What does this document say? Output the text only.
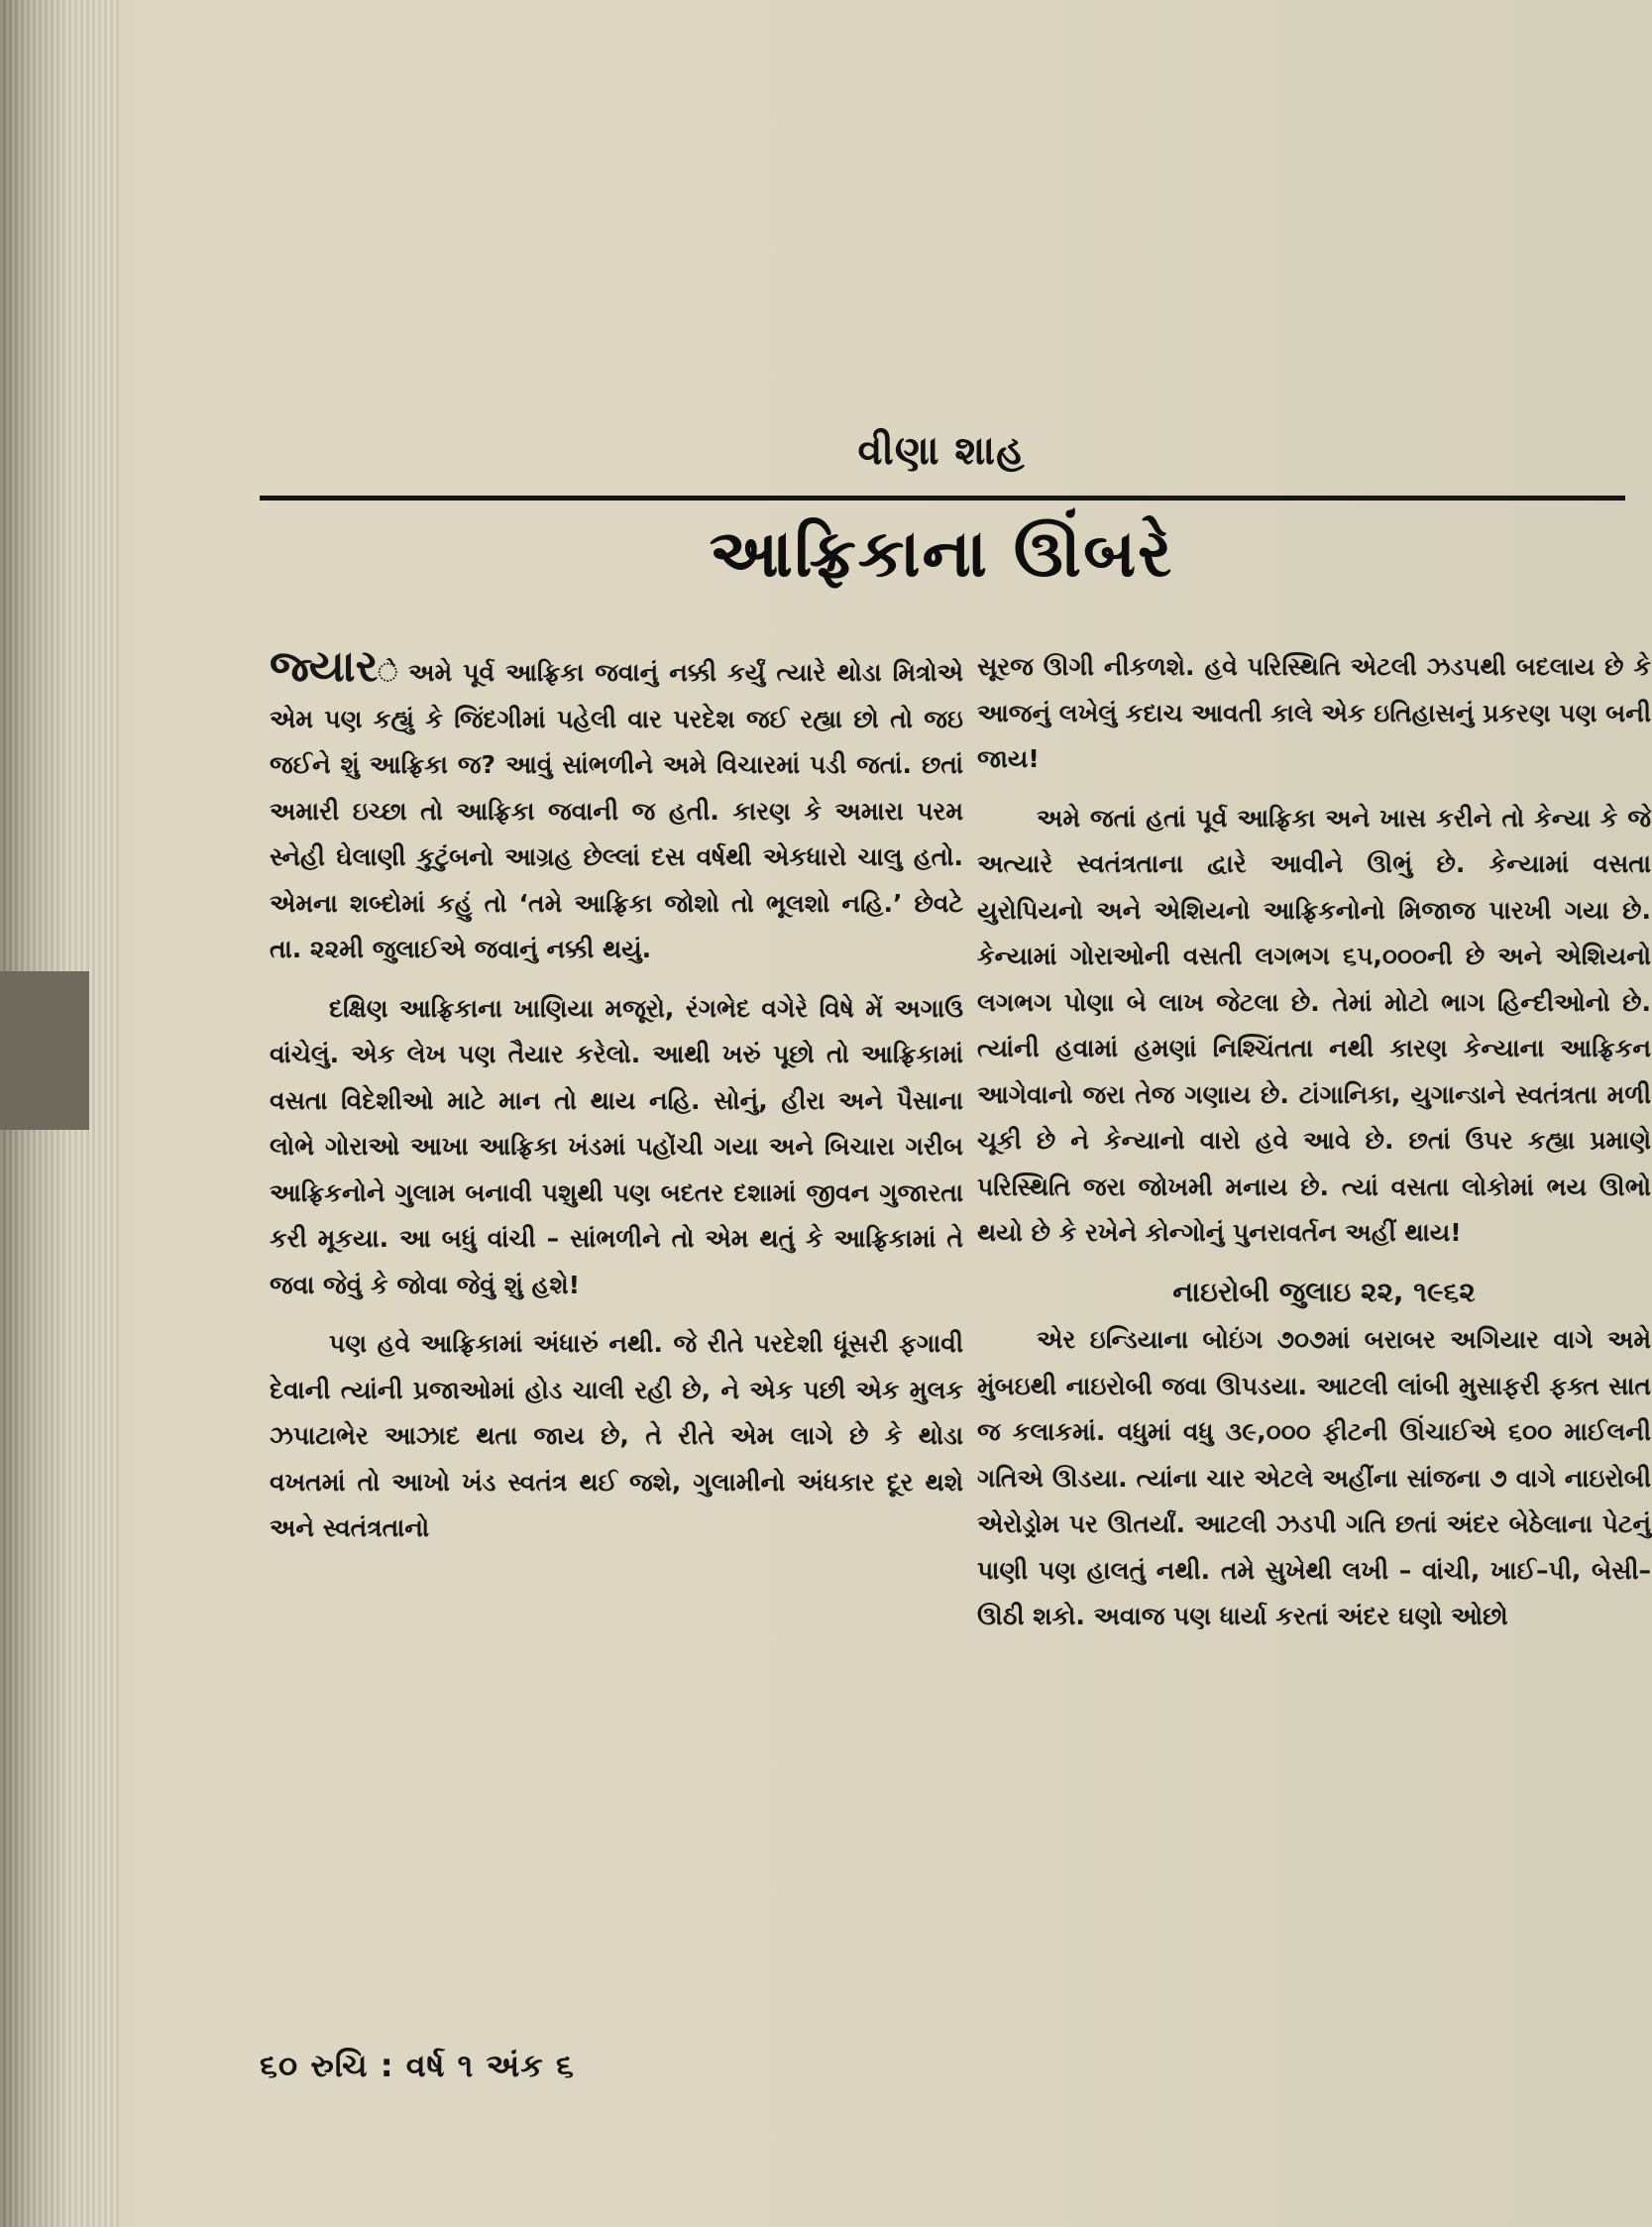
વીણા શાહ
આફ્રિકાના ઊંબરે

જ્યારે અમે પૂર્વ આફ્રિકા જવાનું નક્કી કર્યું ત્યારે થોડા મિત્રોએ એમ પણ કહ્યું કે જિંદગીમાં પહેલી વાર પરદેશ જઈ રહ્યા છો તો જઇ જઈને શું આફ્રિકા જ? આવું સાંભળીને અમે વિચારમાં પડી જતાં. છતાં અમારી ઇચ્છા તો આફ્રિકા જવાની જ હતી. કારણ કે અમારા પરમ સ્નેહી ઘેલાણી કુટુંબનો આગ્રહ છેલ્લાં દસ વર્ષથી એકધારો ચાલુ હતો. એમના શબ્દોમાં કહું તો ‘તમે આફ્રિકા જોશો તો ભૂલશો નહિ.’ છેવટે તા. ૨૨મી જુલાઈએ જવાનું નક્કી થયું.

દક્ષિણ આફ્રિકાના ખાણિયા મજૂરો, રંગભેદ વગેરે વિષે મેં અગાઉ વાંચેલું. એક લેખ પણ તૈયાર કરેલો. આથી ખરું પૂછો તો આફ્રિકામાં વસતા વિદેશીઓ માટે માન તો થાય નહિ. સોનું, હીરા અને પૈસાના લોભે ગોરાઓ આખા આફ્રિકા ખંડમાં પહોંચી ગયા અને બિચારા ગરીબ આફ્રિકનોને ગુલામ બનાવી પશુથી પણ બદતર દશામાં જીવન ગુજારતા કરી મૂકયા. આ બધું વાંચી – સાંભળીને તો એમ થતું કે આફ્રિકામાં તે જવા જેવું કે જોવા જેવું શું હશે!

પણ હવે આફ્રિકામાં અંધારું નથી. જે રીતે પરદેશી ધૂંસરી ફગાવી દેવાની ત્યાંની પ્રજાઓમાં હોડ ચાલી રહી છે, ને એક પછી એક મુલક ઝપાટાભેર આઝાદ થતા જાય છે, તે રીતે એમ લાગે છે કે થોડા વખતમાં તો આખો ખંડ સ્વતંત્ર થઈ જશે, ગુલામીનો અંધકાર દૂર થશે અને સ્વતંત્રતાનો

સૂરજ ઊગી નીકળશે. હવે પરિસ્થિતિ એટલી ઝડપથી બદલાય છે કે આજનું લખેલું કદાચ આવતી કાલે એક ઇતિહાસનું પ્રકરણ પણ બની જાય!

અમે જતાં હતાં પૂર્વ આફ્રિકા અને ખાસ કરીને તો કેન્યા કે જે અત્યારે સ્વતંત્રતાના દ્વારે આવીને ઊભું છે. કેન્યામાં વસતા યુરોપિયનો અને એશિયનો આફ્રિકનોનો મિજાજ પારખી ગયા છે. કેન્યામાં ગોરાઓની વસતી લગભગ ૬૫,૦૦૦ની છે અને એશિયનો લગભગ પોણા બે લાખ જેટલા છે. તેમાં મોટો ભાગ હિન્દીઓનો છે. ત્યાંની હવામાં હમણાં નિશ્ચિંતતા નથી કારણ કેન્યાના આફ્રિકન આગેવાનો જરા તેજ ગણાય છે. ટાંગાનિકા, યુગાન્ડાને સ્વતંત્રતા મળી ચૂકી છે ને કેન્યાનો વારો હવે આવે છે. છતાં ઉપર કહ્યા પ્રમાણે પરિસ્થિતિ જરા જોખમી મનાય છે. ત્યાં વસતા લોકોમાં ભય ઊભો થયો છે કે રખેને કોન્ગોનું પુનરાવર્તન અહીં થાય!

નાઇરોબી જુલાઇ ૨૨, ૧૯૬૨

એર ઇન્ડિયાના બોઇંગ ૭૦૭માં બરાબર અગિયાર વાગે અમે મુંબઇથી નાઇરોબી જવા ઊપડયા. આટલી લાંબી મુસાફરી ફક્ત સાત જ કલાકમાં. વધુમાં વધુ ૩૯,૦૦૦ ફીટની ઊંચાઈએ ૬૦૦ માઈલની ગતિએ ઊડયા. ત્યાંના ચાર એટલે અહીંના સાંજના ૭ વાગે નાઇરોબી એરોડ્રોમ પર ઊતર્યાં. આટલી ઝડપી ગતિ છતાં અંદર બેઠેલાના પેટનું પાણી પણ હાલતું નથી. તમે સુખેથી લખી – વાંચી, ખાઈ–પી, બેસી–ઊઠી શકો. અવાજ પણ ધાર્યા કરતાં અંદર ઘણો ઓછો

૬૦ રુચિ : વર્ષ ૧ અંક ૬
